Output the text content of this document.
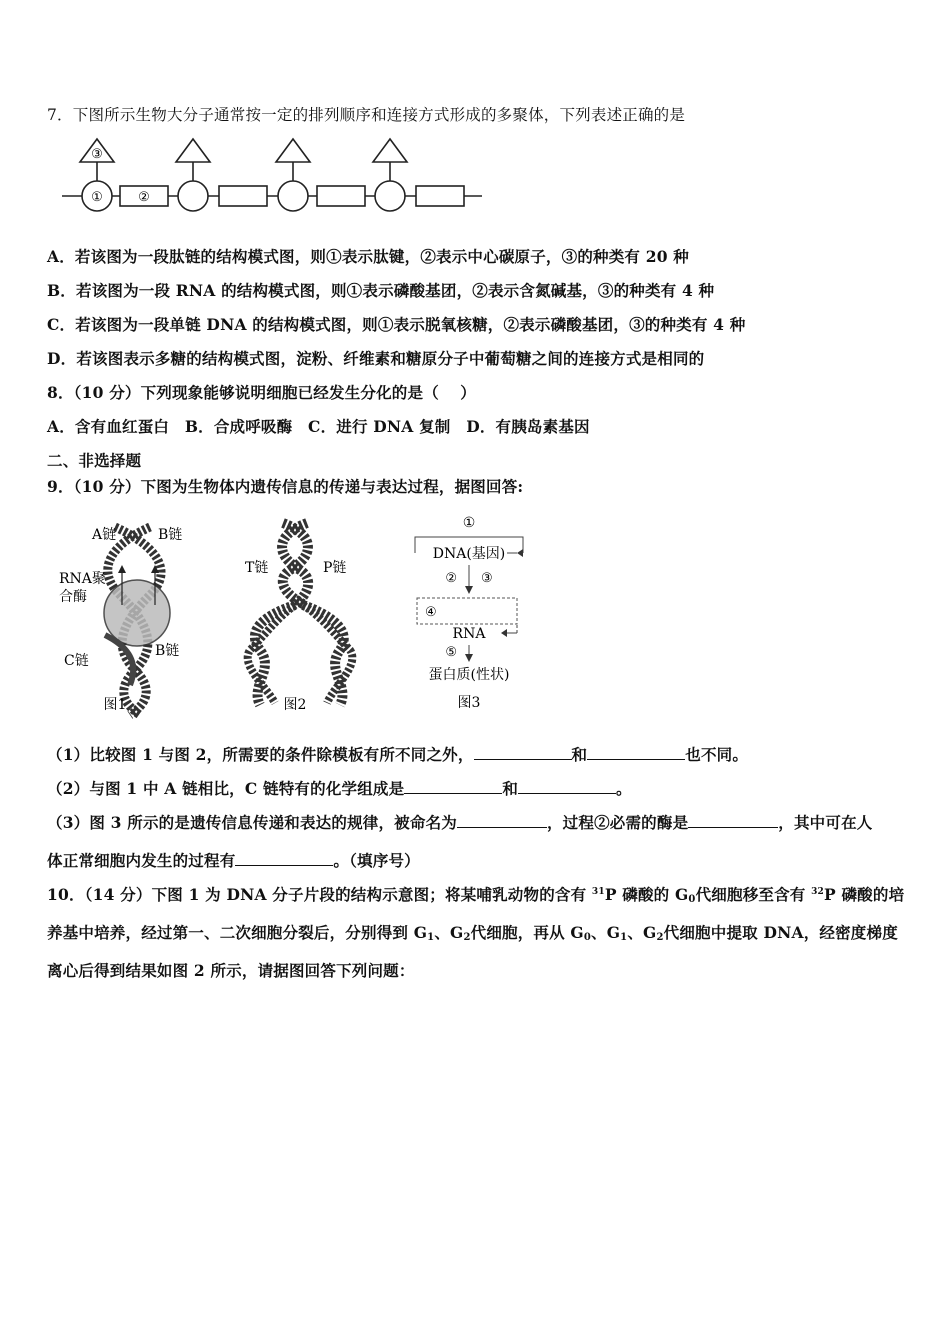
7．下图所示生物大分子通常按一定的排列顺序和连接方式形成的多聚体，下列表述正确的是
③
①	②
A．若该图为一段肽链的结构模式图，则①表示肽键，②表示中心碳原子，③的种类有 20 种
B．若该图为一段 RNA 的结构模式图，则①表示磷酸基团，②表示含氮碱基，③的种类有 4 种
C．若该图为一段单链 DNA 的结构模式图，则①表示脱氧核糖，②表示磷酸基团，③的种类有 4 种
D．若该图表示多糖的结构模式图，淀粉、纤维素和糖原分子中葡萄糖之间的连接方式是相同的
8．（10 分）下列现象能够说明细胞已经发生分化的是（　 ）
A．含有血红蛋白　B．合成呼吸酶　C．进行 DNA 复制　D．有胰岛素基因
二、非选择题
9．（10 分）下图为生物体内遗传信息的传递与表达过程，据图回答:
A链	B链
RNA聚
合酶
C链
B链
图1
T链	P链
图2
①
DNA(基因)
② ③
④
RNA
⑤
蛋白质(性状)
图3
（1）比较图 1 与图 2，所需要的条件除模板有所不同之外，	和	也不同。
（2）与图 1 中 A 链相比，C 链特有的化学组成是	和	。
（3）图 3 所示的是遗传信息传递和表达的规律，被命名为	，过程②必需的酶是	，其中可在人
体正常细胞内发生的过程有	。（填序号）
10．（14 分）下图 1 为 DNA 分子片段的结构示意图；将某哺乳动物的含有 $^{31}$P 磷酸的 $G_0$代细胞移至含有 $^{32}$P 磷酸的培
养基中培养，经过第一、二次细胞分裂后，分别得到 $G_1$、$G_2$代细胞，再从 $G_0$、$G_1$、$G_2$代细胞中提取 DNA，经密度梯度
离心后得到结果如图 2 所示，请据图回答下列问题：
